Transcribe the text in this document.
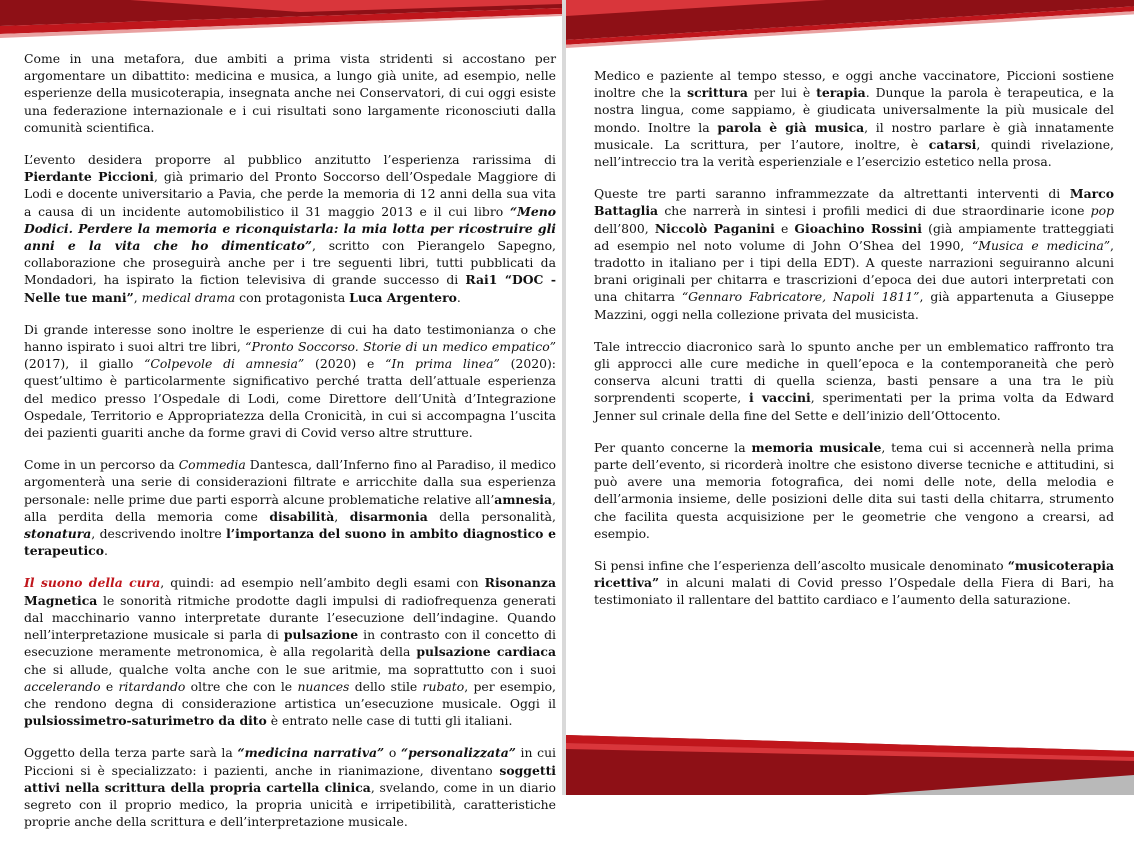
Come in una metafora, due ambiti a prima vista stridenti si accostano per argomentare un dibattito: medicina e musica, a lungo già unite, ad esempio, nelle esperienze della musicoterapia, insegnata anche nei Conservatori, di cui oggi esiste una federazione internazionale e i cui risultati sono largamente riconosciuti dalla comunità scientifica.

L’evento desidera proporre al pubblico anzitutto l’esperienza rarissima di Pierdante Piccioni, già primario del Pronto Soccorso dell’Ospedale Maggiore di Lodi e docente universitario a Pavia, che perde la memoria di 12 anni della sua vita a causa di un incidente automobilistico il 31 maggio 2013 e il cui libro “Meno Dodici. Perdere la memoria e riconquistarla: la mia lotta per ricostruire gli anni e la vita che ho dimenticato”, scritto con Pierangelo Sapegno, collaborazione che proseguirà anche per i tre seguenti libri, tutti pubblicati da Mondadori, ha ispirato la fiction televisiva di grande successo di Rai1 “DOC - Nelle tue mani”, medical drama con protagonista Luca Argentero.

Di grande interesse sono inoltre le esperienze di cui ha dato testimonianza o che hanno ispirato i suoi altri tre libri, “Pronto Soccorso. Storie di un medico empatico” (2017), il giallo “Colpevole di amnesia” (2020) e “In prima linea” (2020): quest’ultimo è particolarmente significativo perché tratta dell’attuale esperienza del medico presso l’Ospedale di Lodi, come Direttore dell’Unità d’Integrazione Ospedale, Territorio e Appropriatezza della Cronicità, in cui si accompagna l’uscita dei pazienti guariti anche da forme gravi di Covid verso altre strutture.

Come in un percorso da Commedia Dantesca, dall’Inferno fino al Paradiso, il medico argomenterà una serie di considerazioni filtrate e arricchite dalla sua esperienza personale: nelle prime due parti esporrà alcune problematiche relative all’amnesia, alla perdita della memoria come disabilità, disarmonia della personalità, stonatura, descrivendo inoltre l’importanza del suono in ambito diagnostico e terapeutico.

Il suono della cura, quindi: ad esempio nell’ambito degli esami con Risonanza Magnetica le sonorità ritmiche prodotte dagli impulsi di radiofrequenza generati dal macchinario vanno interpretate durante l’esecuzione dell’indagine. Quando nell’interpretazione musicale si parla di pulsazione in contrasto con il concetto di esecuzione meramente metronomica, è alla regolarità della pulsazione cardiaca che si allude, qualche volta anche con le sue aritmie, ma soprattutto con i suoi accelerando e ritardando oltre che con le nuances dello stile rubato, per esempio, che rendono degna di considerazione artistica un’esecuzione musicale. Oggi il pulsiossimetro-saturimetro da dito è entrato nelle case di tutti gli italiani.

Oggetto della terza parte sarà la “medicina narrativa” o “personalizzata” in cui Piccioni si è specializzato: i pazienti, anche in rianimazione, diventano soggetti attivi nella scrittura della propria cartella clinica, svelando, come in un diario segreto con il proprio medico, la propria unicità e irripetibilità, caratteristiche proprie anche della scrittura e dell’interpretazione musicale.

Medico e paziente al tempo stesso, e oggi anche vaccinatore, Piccioni sostiene inoltre che la scrittura per lui è terapia. Dunque la parola è terapeutica, e la nostra lingua, come sappiamo, è giudicata universalmente la più musicale del mondo. Inoltre la parola è già musica, il nostro parlare è già innatamente musicale. La scrittura, per l’autore, inoltre, è catarsi, quindi rivelazione, nell’intreccio tra la verità esperienziale e l’esercizio estetico nella prosa.

Queste tre parti saranno inframmezzate da altrettanti interventi di Marco Battaglia che narrerà in sintesi i profili medici di due straordinarie icone pop dell’800, Niccolò Paganini e Gioachino Rossini (già ampiamente tratteggiati ad esempio nel noto volume di John O’Shea del 1990, “Musica e medicina”, tradotto in italiano per i tipi della EDT). A queste narrazioni seguiranno alcuni brani originali per chitarra e trascrizioni d’epoca dei due autori interpretati con una chitarra “Gennaro Fabricatore, Napoli 1811”, già appartenuta a Giuseppe Mazzini, oggi nella collezione privata del musicista.

Tale intreccio diacronico sarà lo spunto anche per un emblematico raffronto tra gli approcci alle cure mediche in quell’epoca e la contemporaneità che però conserva alcuni tratti di quella scienza, basti pensare a una tra le più sorprendenti scoperte, i vaccini, sperimentati per la prima volta da Edward Jenner sul crinale della fine del Sette e dell’inizio dell’Ottocento.

Per quanto concerne la memoria musicale, tema cui si accennerà nella prima parte dell’evento, si ricorderà inoltre che esistono diverse tecniche e attitudini, si può avere una memoria fotografica, dei nomi delle note, della melodia e dell’armonia insieme, delle posizioni delle dita sui tasti della chitarra, strumento che facilita questa acquisizione per le geometrie che vengono a crearsi, ad esempio.

Si pensi infine che l’esperienza dell’ascolto musicale denominato “musicoterapia ricettiva” in alcuni malati di Covid presso l’Ospedale della Fiera di Bari, ha testimoniato il rallentare del battito cardiaco e l’aumento della saturazione.
